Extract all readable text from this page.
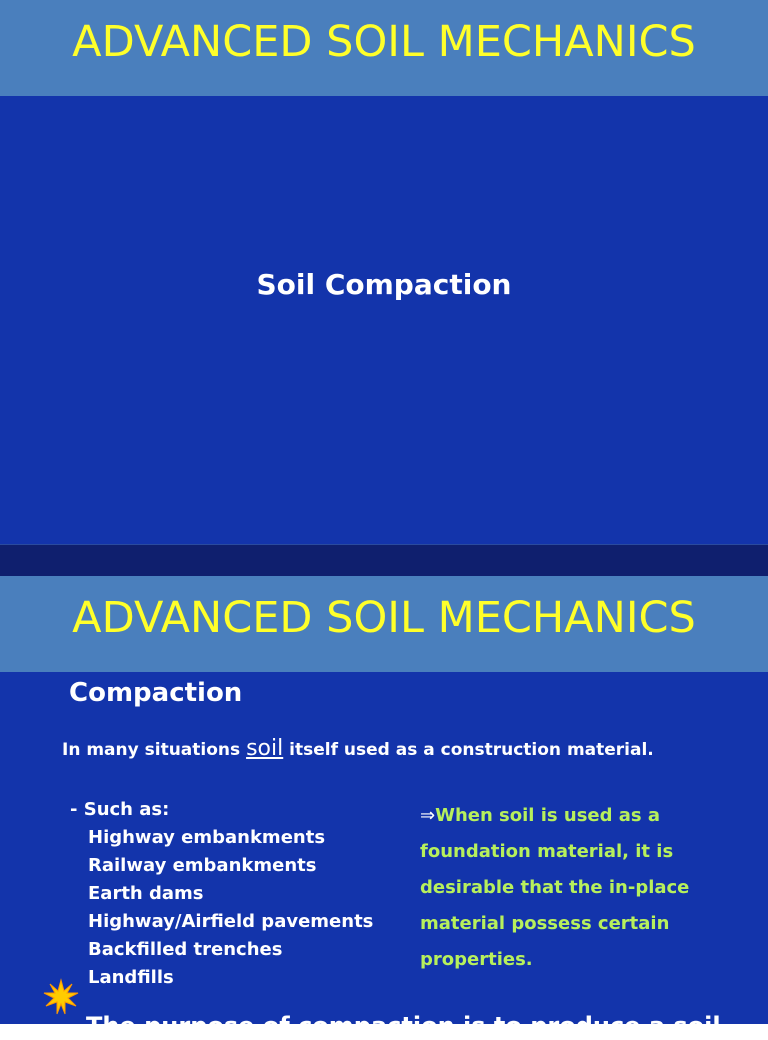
ADVANCED SOIL MECHANICS
Soil Compaction
ADVANCED SOIL MECHANICS
Compaction
In many situations soil itself used as a construction material.
- Such as:
Highway embankments
Railway embankments
Earth dams
Highway/Airfield pavements
Backfilled trenches
Landfills
⇒When soil is used as a foundation material, it is desirable that the in-place material possess certain properties.
The purpose of compaction is to produce a soil
